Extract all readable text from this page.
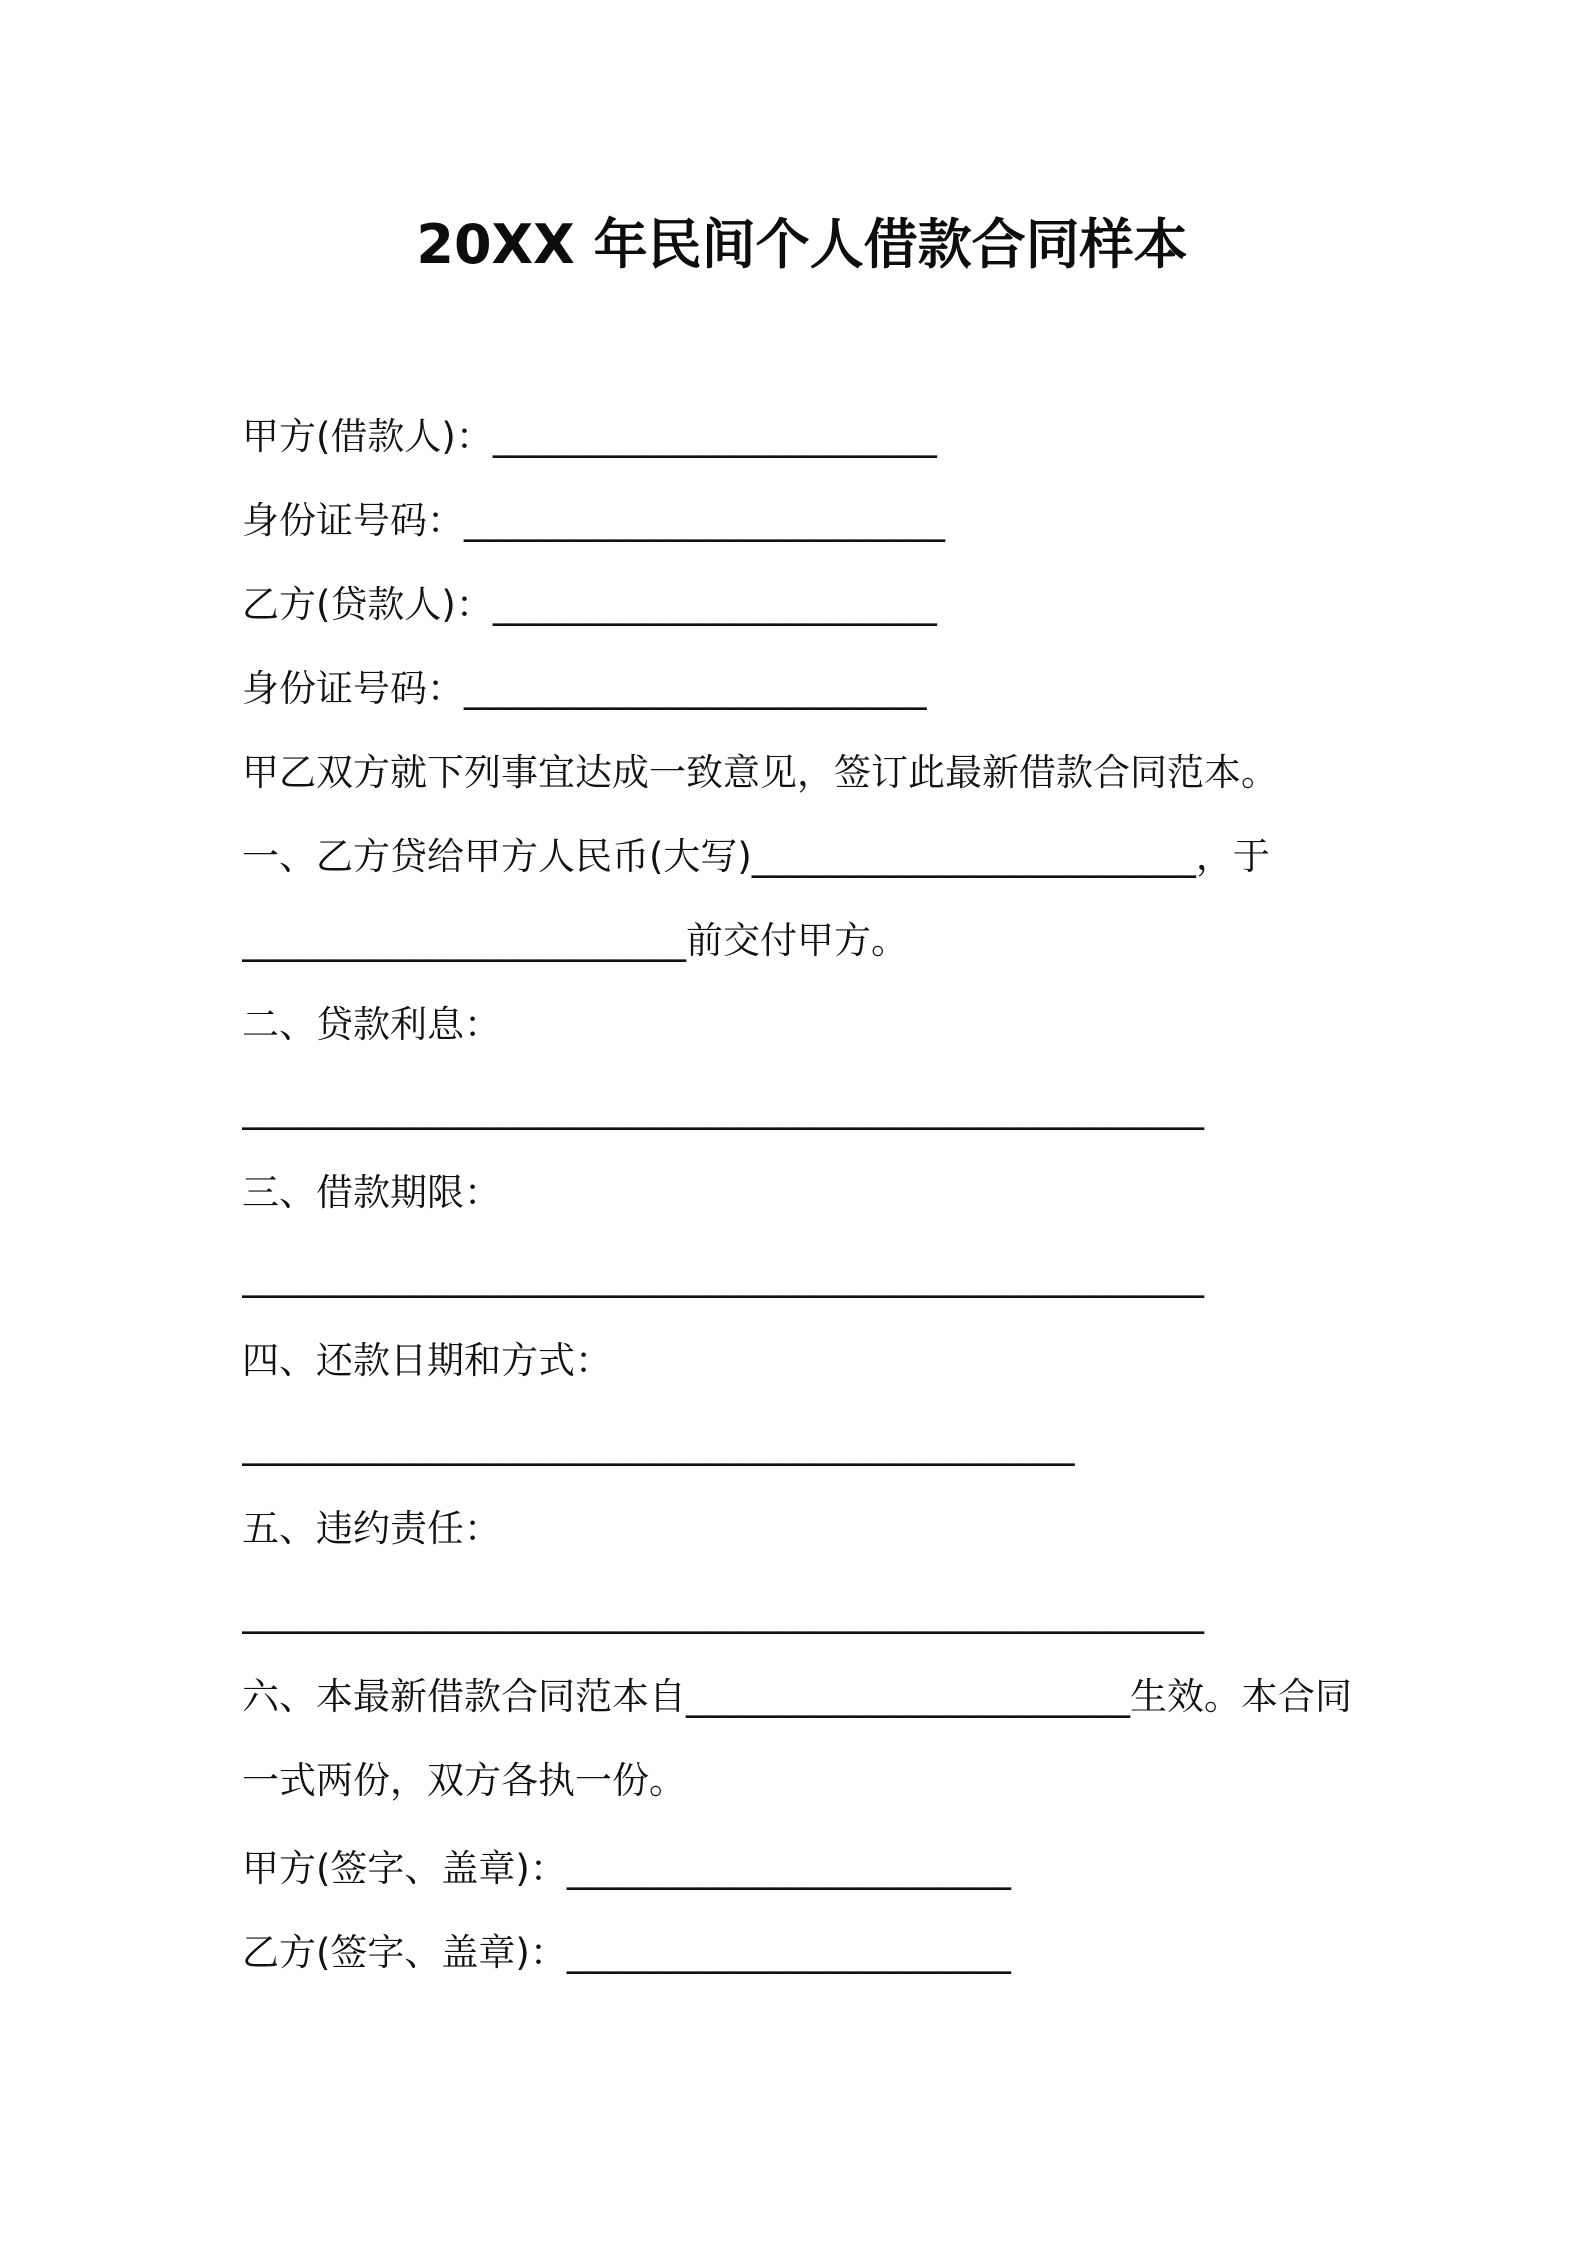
20XX 年民间个人借款合同样本
甲方(借款人)：________________________
身份证号码：__________________________
乙方(贷款人)：________________________
身份证号码：_________________________
甲乙双方就下列事宜达成一致意见，签订此最新借款合同范本。
一、乙方贷给甲方人民币(大写)________________________，于
________________________前交付甲方。
二、贷款利息：
____________________________________________________
三、借款期限：
____________________________________________________
四、还款日期和方式：
_____________________________________________
五、违约责任：
____________________________________________________
六、本最新借款合同范本自________________________生效。本合同
一式两份，双方各执一份。
甲方(签字、盖章)：________________________
乙方(签字、盖章)：________________________
